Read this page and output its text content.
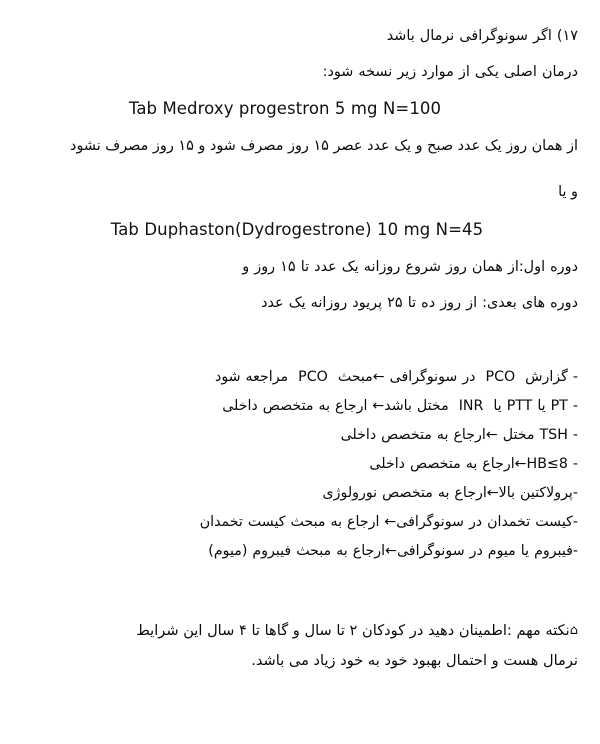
۱۷) اگر سونوگرافی نرمال باشد
درمان اصلی یکی از موارد زیر نسخه شود:
Tab Medroxy progestron 5 mg N=100
از همان روز یک عدد صبح و یک عدد عصر ۱۵ روز مصرف شود و ۱۵ روز مصرف نشود
و یا
Tab Duphaston(Dydrogestrone) 10 mg N=45
دوره اول:از همان روز شروع روزانه یک عدد تا ۱۵ روز و
دوره های بعدی: از روز ده تا ۲۵ پریود روزانه یک عدد
- گزارش  PCO  در سونوگرافی ←مبحث  PCO  مراجعه شود
- PT یا PTT یا  INR  مختل باشد← ارجاع به متخصص داخلی
- TSH مختل ←ارجاع به متخصص داخلی
- HB≤8←ارجاع به متخصص داخلی
-پرولاکتین بالا←ارجاع به متخصص نورولوژی
-کیست تخمدان در سونوگرافی← ارجاع به مبحث کیست تخمدان
-فیبروم یا میوم در سونوگرافی←ارجاع به مبحث فیبروم (میوم)
⌂نکته مهم :اطمینان دهید در کودکان ۲ تا سال و گاها تا ۴ سال این شرایط
نرمال هست و احتمال بهبود خود به خود زیاد می باشد.
